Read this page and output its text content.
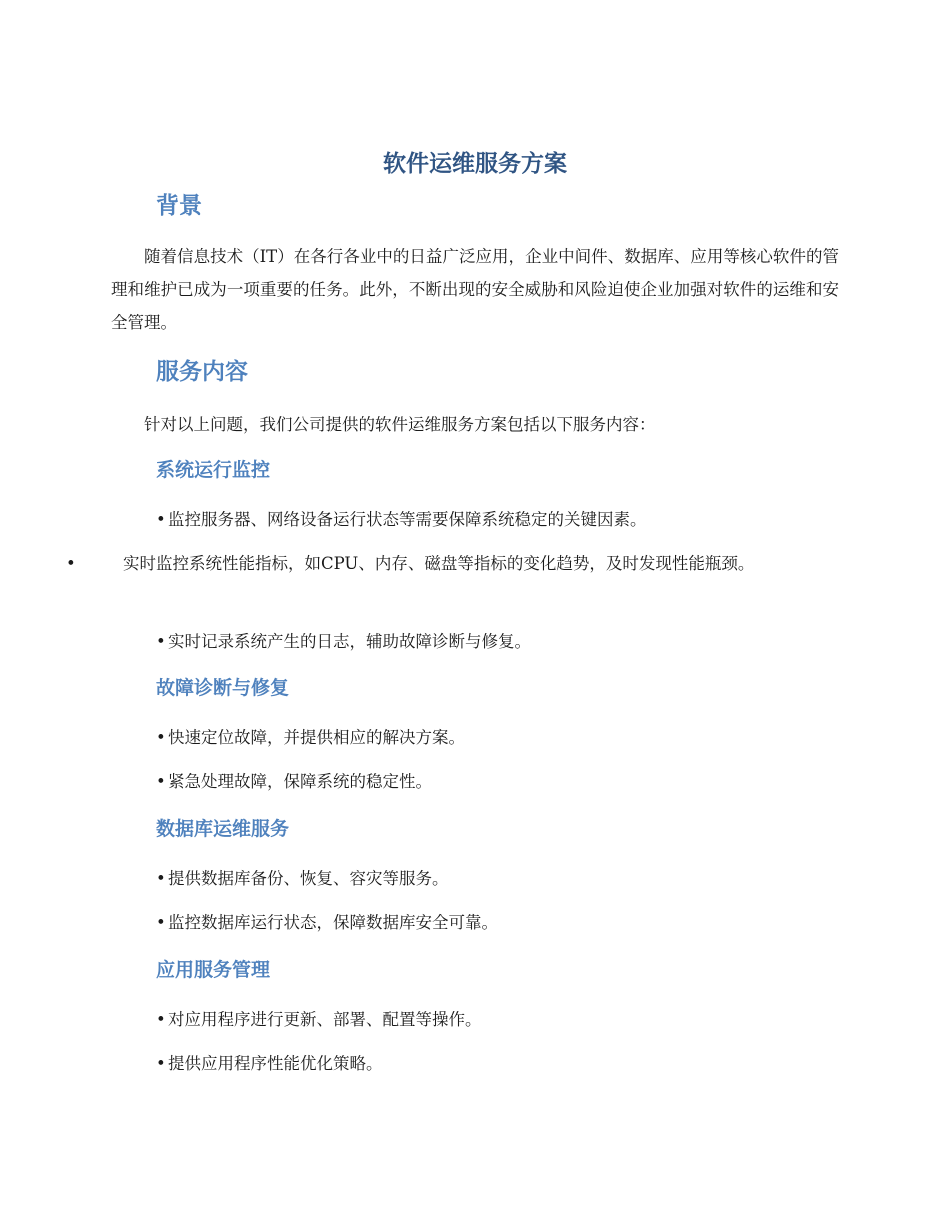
软件运维服务方案
背景

随着信息技术（IT）在各行各业中的日益广泛应用，企业中间件、数据库、应用等核心软件的管理和维护已成为一项重要的任务。此外，不断出现的安全威胁和风险迫使企业加强对软件的运维和安全管理。

服务内容

针对以上问题，我们公司提供的软件运维服务方案包括以下服务内容：

系统运行监控

• 监控服务器、网络设备运行状态等需要保障系统稳定的关键因素。

•	实时监控系统性能指标，如CPU、内存、磁盘等指标的变化趋势，及时发现性能瓶颈。

• 实时记录系统产生的日志，辅助故障诊断与修复。

故障诊断与修复

• 快速定位故障，并提供相应的解决方案。

• 紧急处理故障，保障系统的稳定性。

数据库运维服务

• 提供数据库备份、恢复、容灾等服务。

• 监控数据库运行状态，保障数据库安全可靠。

应用服务管理

• 对应用程序进行更新、部署、配置等操作。

• 提供应用程序性能优化策略。
